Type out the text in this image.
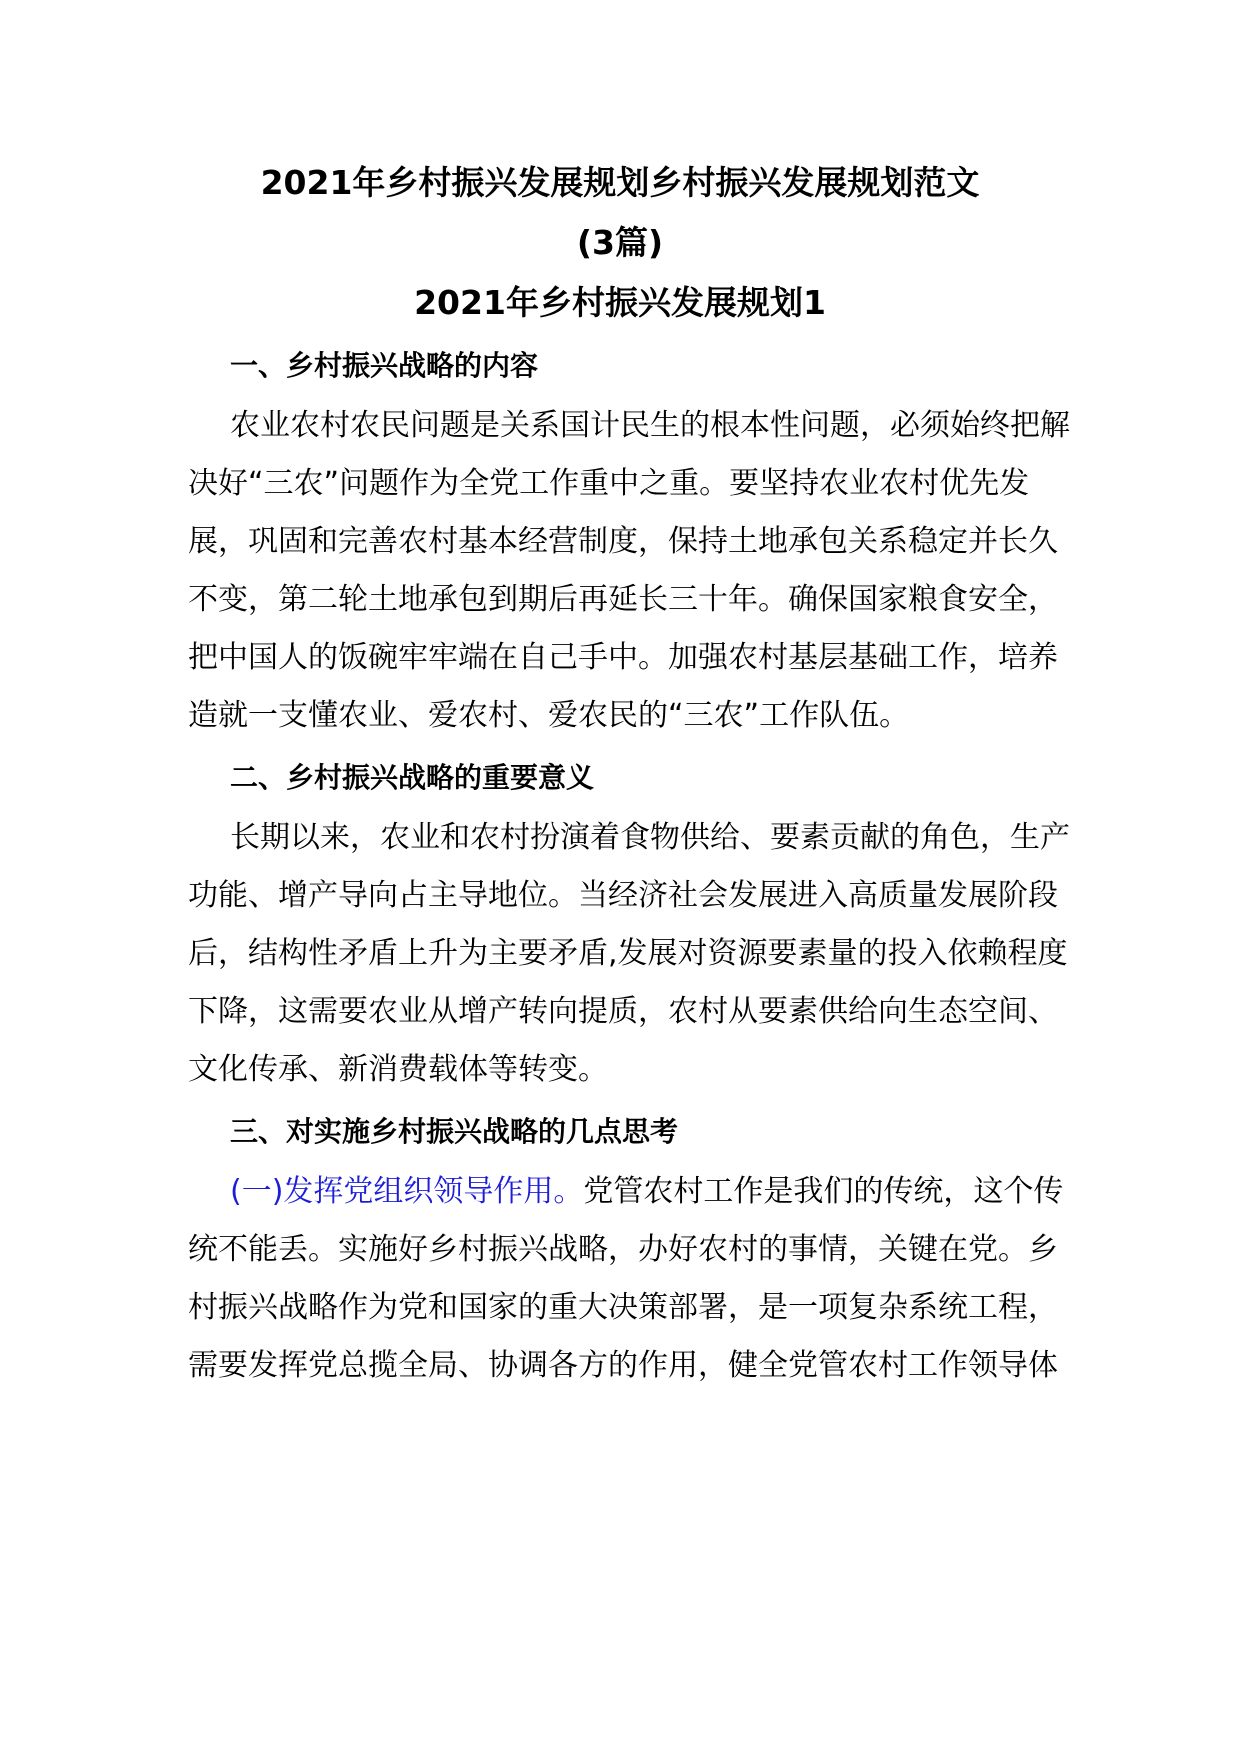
2021年乡村振兴发展规划乡村振兴发展规划范文
(3篇)
2021年乡村振兴发展规划1
一、乡村振兴战略的内容
农业农村农民问题是关系国计民生的根本性问题，必须始终把解
决好“三农”问题作为全党工作重中之重。要坚持农业农村优先发
展，巩固和完善农村基本经营制度，保持土地承包关系稳定并长久
不变，第二轮土地承包到期后再延长三十年。确保国家粮食安全，
把中国人的饭碗牢牢端在自己手中。加强农村基层基础工作，培养
造就一支懂农业、爱农村、爱农民的“三农”工作队伍。
二、乡村振兴战略的重要意义
长期以来，农业和农村扮演着食物供给、要素贡献的角色，生产
功能、增产导向占主导地位。当经济社会发展进入高质量发展阶段
后，结构性矛盾上升为主要矛盾,发展对资源要素量的投入依赖程度
下降，这需要农业从增产转向提质，农村从要素供给向生态空间、
文化传承、新消费载体等转变。
三、对实施乡村振兴战略的几点思考
(一)发挥党组织领导作用。党管农村工作是我们的传统，这个传
统不能丢。实施好乡村振兴战略，办好农村的事情，关键在党。乡
村振兴战略作为党和国家的重大决策部署，是一项复杂系统工程，
需要发挥党总揽全局、协调各方的作用，健全党管农村工作领导体
